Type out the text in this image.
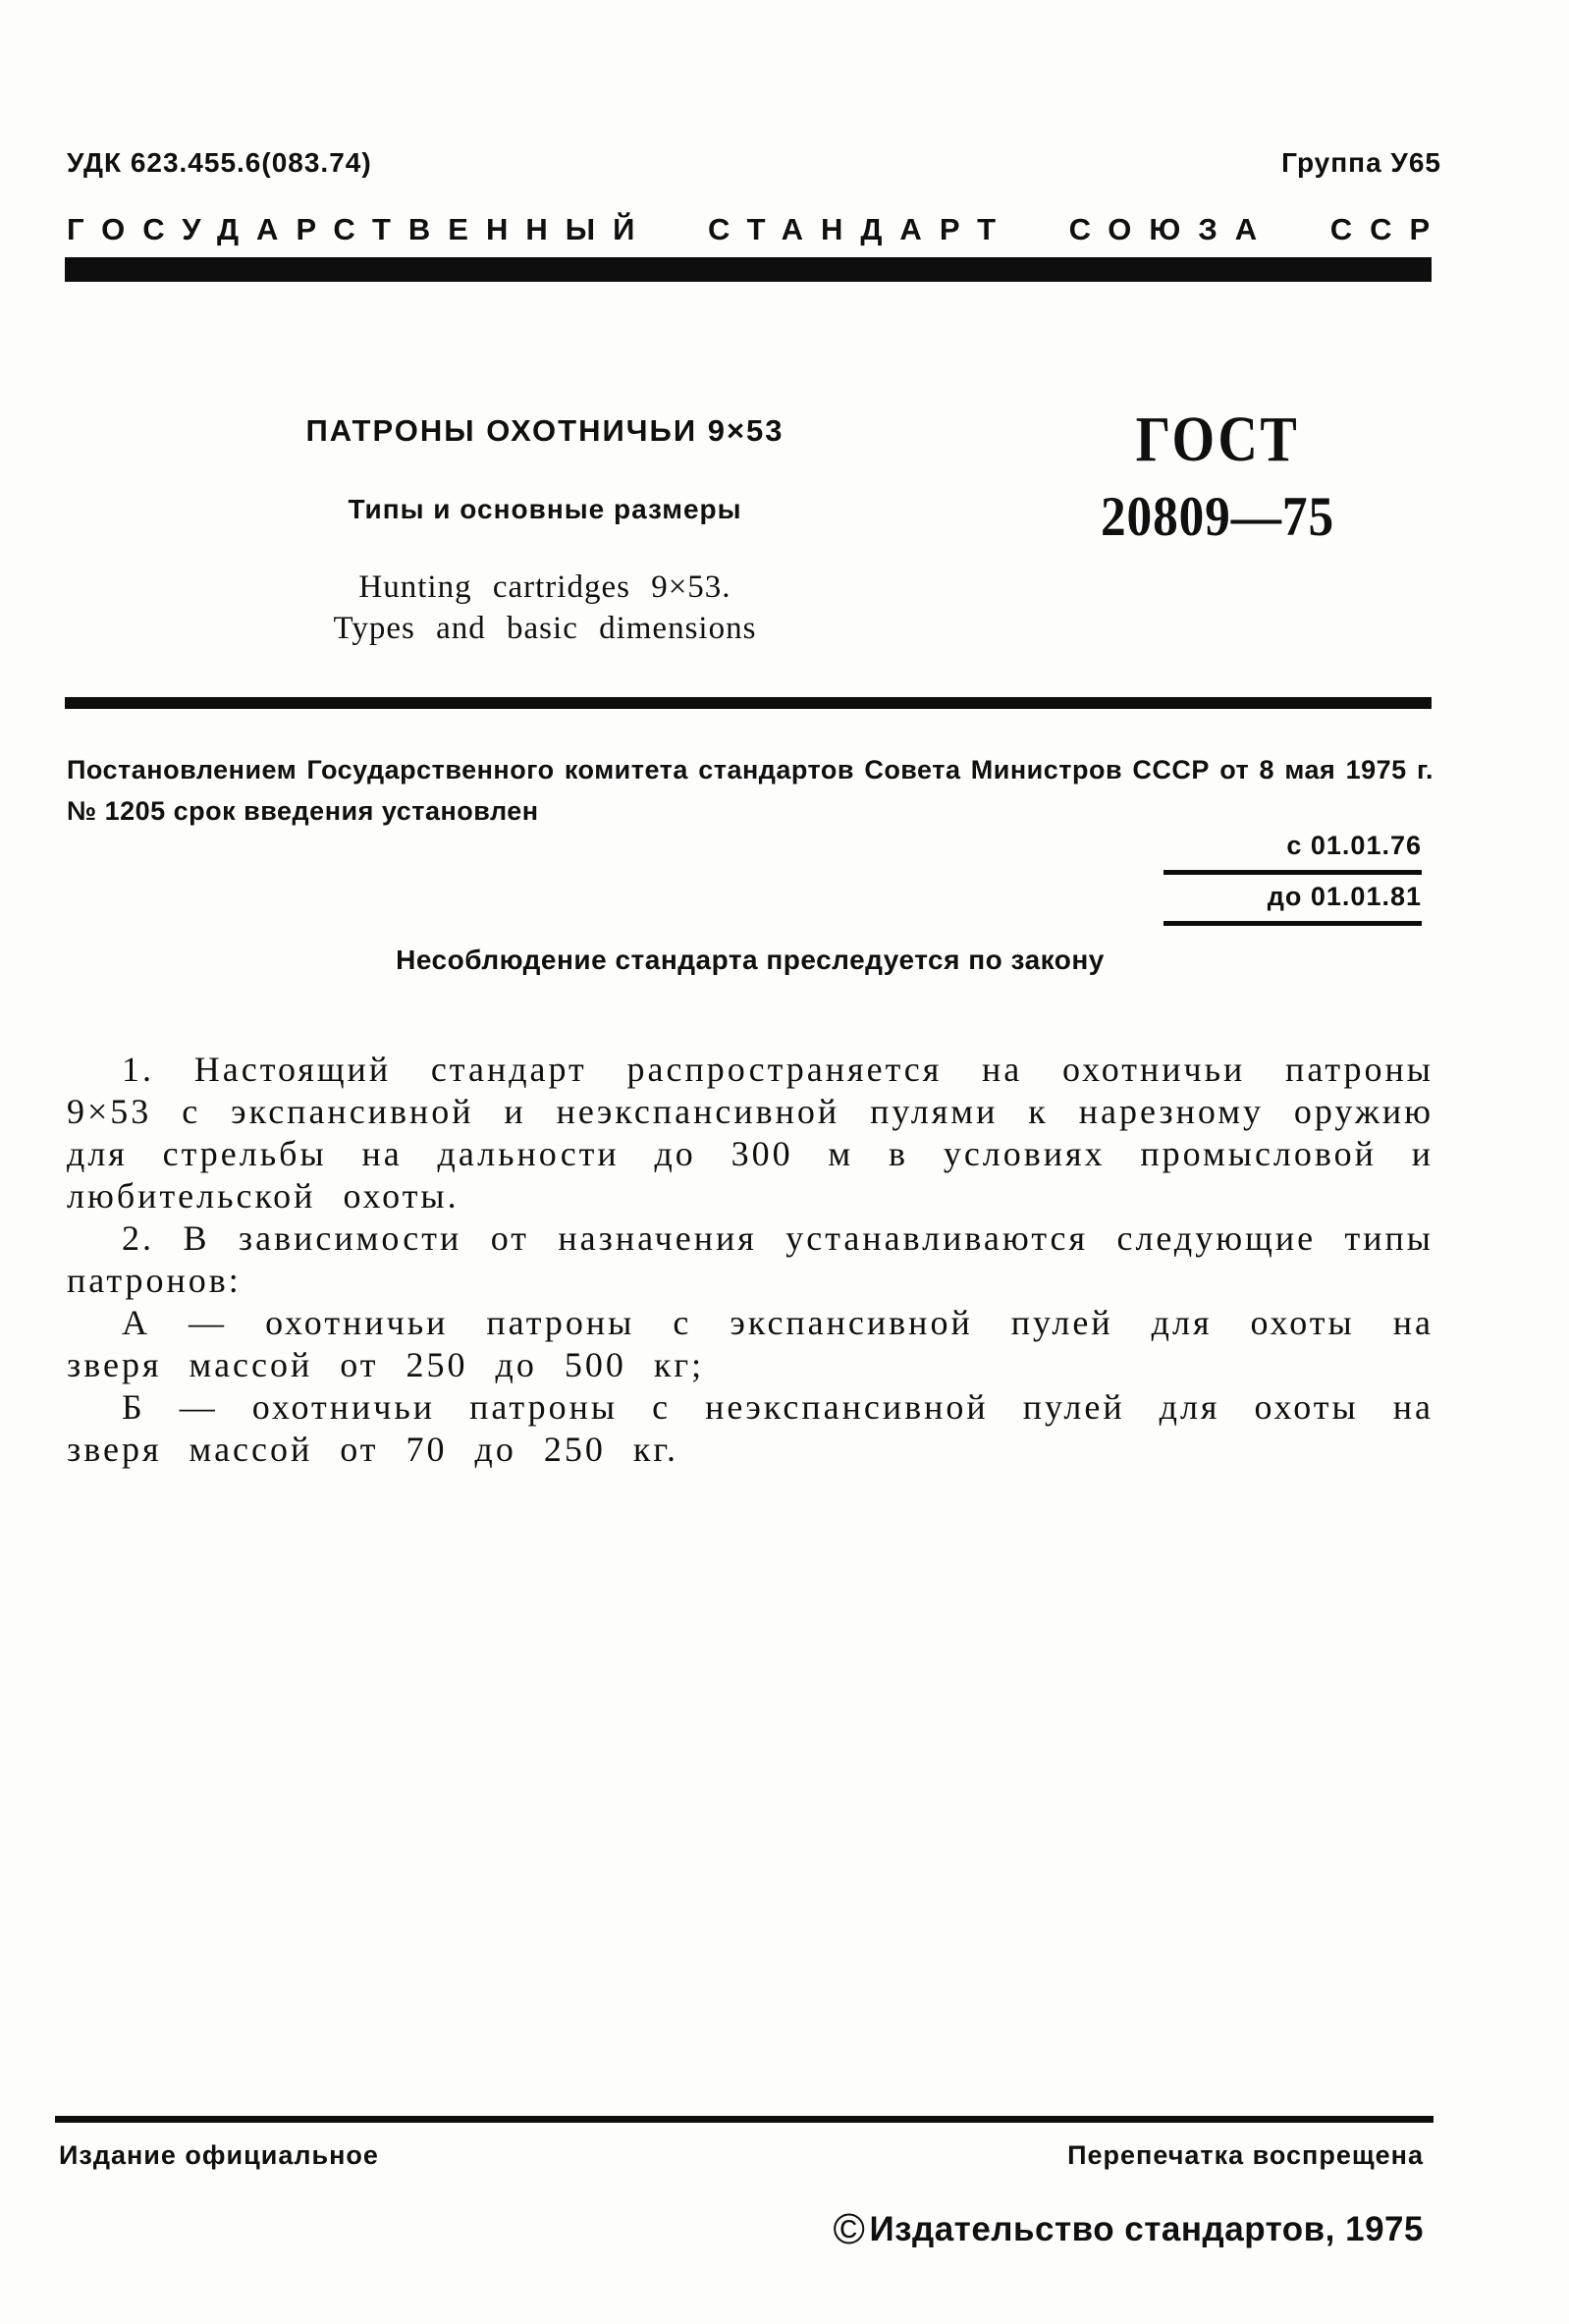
УДК 623.455.6(083.74)	Группа У65
ГОСУДАРСТВЕННЫЙ СТАНДАРТ СОЮЗА ССР
ПАТРОНЫ ОХОТНИЧЬИ 9×53
Типы и основные размеры
Hunting cartridges 9×53.
Types and basic dimensions
ГОСТ
20809—75
Постановлением Государственного комитета стандартов Совета Министров СССР от 8 мая 1975 г. № 1205 срок введения установлен
с 01.01.76
до 01.01.81
Несоблюдение стандарта преследуется по закону

1. Настоящий стандарт распространяется на охотничьи патроны 9×53 с экспансивной и неэкспансивной пулями к нарезному оружию для стрельбы на дальности до 300 м в условиях промысловой и любительской охоты.

2. В зависимости от назначения устанавливаются следующие типы патронов:

А — охотничьи патроны с экспансивной пулей для охоты на зверя массой от 250 до 500 кг;

Б — охотничьи патроны с неэкспансивной пулей для охоты на зверя массой от 70 до 250 кг.

Издание официальное	Перепечатка воспрещена
© Издательство стандартов, 1975
